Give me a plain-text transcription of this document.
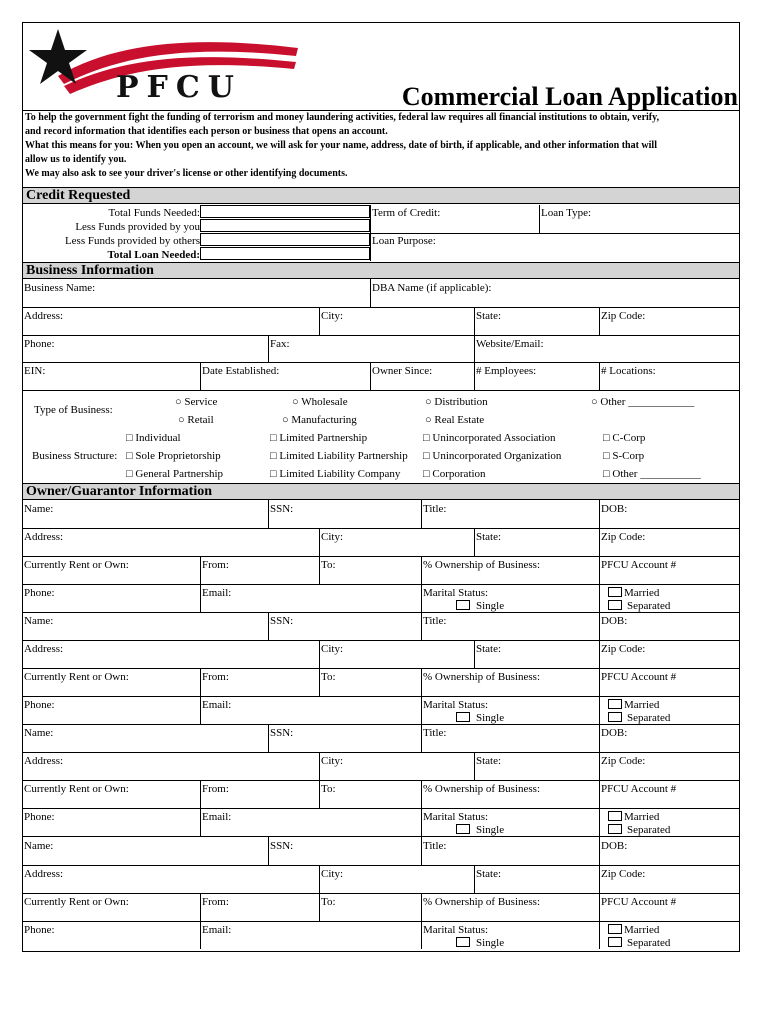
PFCU	Commercial Loan Application
To help the government fight the funding of terrorism and money laundering activities, federal law requires all financial institutions to obtain, verify,
and record information that identifies each person or business that opens an account.
What this means for you: When you open an account, we will ask for your name, address, date of birth, if applicable, and other information that will
allow us to identify you.
We may also ask to see your driver's license or other identifying documents.
Credit Requested
Total Funds Needed:
Less Funds provided by you
Less Funds provided by others
Total Loan Needed:
Term of Credit:	Loan Type:
Loan Purpose:
Business Information
Business Name:	DBA Name (if applicable):
Address:	City:	State:	Zip Code:
Phone:	Fax:	Website/Email:
EIN:	Date Established:	Owner Since:	# Employees:	# Locations:
Type of Business:
○ Service	○ Wholesale	○ Distribution	○ Other ____________
○ Retail	○ Manufacturing	○ Real Estate
Business Structure:
□ Individual	□ Limited Partnership	□ Unincorporated Association	□ C-Corp
□ Sole Proprietorship	□ Limited Liability Partnership □ Unincorporated Organization	□ S-Corp
□ General Partnership	□ Limited Liability Company □ Corporation	□ Other ___________
Owner/Guarantor Information
Name:	SSN:	Title:	DOB:
Address:	City:	State:	Zip Code:
Currently Rent or Own:	From:	To:	% Ownership of Business:	PFCU Account #
Phone:	Email:	Marital Status:
Single
Married
Separated
Name:	SSN:	Title:	DOB:
Address:	City:	State:	Zip Code:
Currently Rent or Own:	From:	To:	% Ownership of Business:	PFCU Account #
Phone:	Email:	Marital Status:
Single
Married
Separated
Name:	SSN:	Title:	DOB:
Address:	City:	State:	Zip Code:
Currently Rent or Own:	From:	To:	% Ownership of Business:	PFCU Account #
Phone:	Email:	Marital Status:
Single
Married
Separated
Name:	SSN:	Title:	DOB:
Address:	City:	State:	Zip Code:
Currently Rent or Own:	From:	To:	% Ownership of Business:	PFCU Account #
Phone:	Email:	Marital Status:
Single
Married
Separated
